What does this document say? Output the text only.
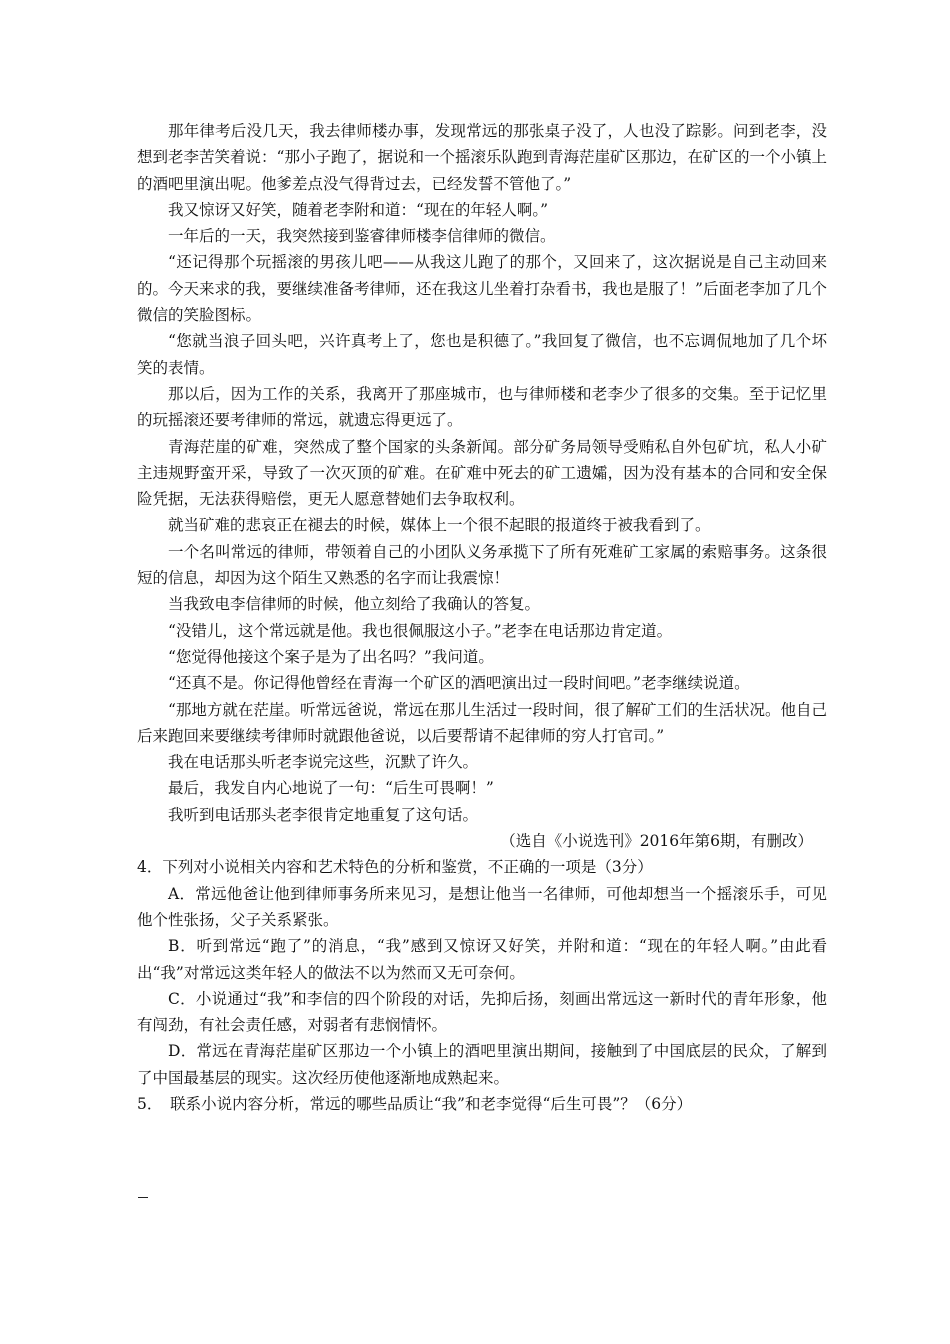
那年律考后没几天，我去律师楼办事，发现常远的那张桌子没了，人也没了踪影。问到老李，没想到老李苦笑着说：“那小子跑了，据说和一个摇滚乐队跑到青海茫崖矿区那边，在矿区的一个小镇上的酒吧里演出呢。他爹差点没气得背过去，已经发誓不管他了。”

我又惊讶又好笑，随着老李附和道：“现在的年轻人啊。”

一年后的一天，我突然接到鉴睿律师楼李信律师的微信。

“还记得那个玩摇滚的男孩儿吧——从我这儿跑了的那个，又回来了，这次据说是自己主动回来的。今天来求的我，要继续准备考律师，还在我这儿坐着打杂看书，我也是服了！”后面老李加了几个微信的笑脸图标。

“您就当浪子回头吧，兴许真考上了，您也是积德了。”我回复了微信，也不忘调侃地加了几个坏笑的表情。

那以后，因为工作的关系，我离开了那座城市，也与律师楼和老李少了很多的交集。至于记忆里的玩摇滚还要考律师的常远，就遗忘得更远了。

青海茫崖的矿难，突然成了整个国家的头条新闻。部分矿务局领导受贿私自外包矿坑，私人小矿主违规野蛮开采，导致了一次灭顶的矿难。在矿难中死去的矿工遗孀，因为没有基本的合同和安全保险凭据，无法获得赔偿，更无人愿意替她们去争取权利。

就当矿难的悲哀正在褪去的时候，媒体上一个很不起眼的报道终于被我看到了。

一个名叫常远的律师，带领着自己的小团队义务承揽下了所有死难矿工家属的索赔事务。这条很短的信息，却因为这个陌生又熟悉的名字而让我震惊！

当我致电李信律师的时候，他立刻给了我确认的答复。

“没错儿，这个常远就是他。我也很佩服这小子。”老李在电话那边肯定道。

“您觉得他接这个案子是为了出名吗？”我问道。

“还真不是。你记得他曾经在青海一个矿区的酒吧演出过一段时间吧。”老李继续说道。

“那地方就在茫崖。听常远爸说，常远在那儿生活过一段时间，很了解矿工们的生活状况。他自己后来跑回来要继续考律师时就跟他爸说，以后要帮请不起律师的穷人打官司。”

我在电话那头听老李说完这些，沉默了许久。

最后，我发自内心地说了一句：“后生可畏啊！”

我听到电话那头老李很肯定地重复了这句话。

（选自《小说选刊》2016年第6期，有删改）

4．下列对小说相关内容和艺术特色的分析和鉴赏，不正确的一项是（3分）

A．常远他爸让他到律师事务所来见习，是想让他当一名律师，可他却想当一个摇滚乐手，可见他个性张扬，父子关系紧张。

B．听到常远“跑了”的消息，“我”感到又惊讶又好笑，并附和道：“现在的年轻人啊。”由此看出“我”对常远这类年轻人的做法不以为然而又无可奈何。

C．小说通过“我”和李信的四个阶段的对话，先抑后扬，刻画出常远这一新时代的青年形象，他有闯劲，有社会责任感，对弱者有悲悯情怀。

D．常远在青海茫崖矿区那边一个小镇上的酒吧里演出期间，接触到了中国底层的民众，了解到了中国最基层的现实。这次经历使他逐渐地成熟起来。

5．　联系小说内容分析，常远的哪些品质让“我”和老李觉得“后生可畏”？（6分）
